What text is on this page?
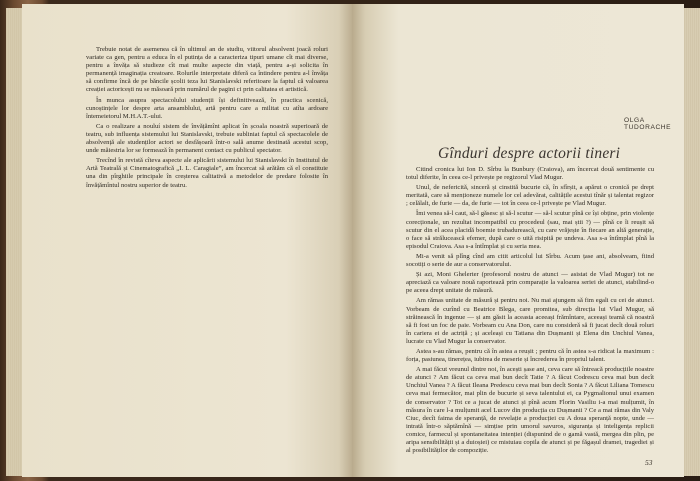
Trebuie notat de asemenea că în ultimul an de studiu, viitorul absolvent joacă roluri variate ca gen, pentru a educa în el putința de a caracteriza tipuri umane cît mai diverse, pentru a învăța să studieze cît mai multe aspecte din viață, pentru a-și solicita în permanență imaginația creatoare. Rolurile interpretate diferă ca întindere pentru a-l învăța să confirme încă de pe băncile școlii teza lui Stanislavski referitoare la faptul că valoarea creației actoricești nu se măsoară prin numărul de pagini ci prin calitatea ei artistică.

În munca asupra spectacolului studenții își definitivează, în practica scenică, cunoștințele lor despre arta ansamblului, artă pentru care a militat cu atîta ardoare întemeietorul M.H.A.T.-ului.

Ca o realizare a nouluí sistem de învățămînt aplicat în școala noastră superioară de teatru, sub influența sistemului lui Stanislavski, trebuie subliniat faptul că spectacolele de absolvență ale studenților actori se desfășoară într-o sală anume destinată acestui scop, unde măiestria lor se formează în permanent contact cu publicul spectator.

Trecînd în revistă cîteva aspecte ale aplicării sistemului lui Stanislavski în Institutul de Artă Teatrală și Cinematografică „I. L. Caragiale”, am încercat să arătăm că el constituie una din pîrghiile principale în creșterea calitativă a metodelor de predare folosite în învățămîntul nostru superior de teatru.

OLGA TUDORACHE
Gînduri despre actorii tineri

Citind cronica lui Ion D. Sîrbu la Bunbury (Craiova), am încercat două sentimente cu totul diferite, în ceea ce-l privește pe regizorul Vlad Mugur.

Unul, de nefericită, sinceră și cinstită bucurie că, în sfîrșit, a apărut o cronică pe drept meritată, care să menționeze numele lor cel adevărat, calitățile acestui tînăr și talentat regizor ; celălalt, de furie — da, de furie — tot în ceea ce-l privește pe Vlad Mugur.

Îmi venea să-l caut, să-l găsesc și să-l scutur — să-l scutur pînă ce își obține, prin violențe corecționale, un rezultat incompatibil cu procedeul (sau, mai știi ?) — pînă ce îi reușit să scutur din el acea placidă boemie trubadurească, cu care vrăjește în fiecare an altă generație, o face să strălucească efemer, după care o uită risipită pe undeva. Asa s-a întîmplat pînă la episodul Craiova. Asa s-a întîmplat și cu seria mea.

Mi-a venit să plîng cînd am citit articolul lui Sîrbu. Acum țase ani, absolveam, fiind socotiți o serie de aur a conservatorului.

Și azi, Moni Ghelerter (profesorul nostru de atunci — asistat de Vlad Mugur) tot ne apreciază ca valoare nouă raportează prin comparație la valoarea seriei de atunci, stabilind-o pe aceea drept unitate de măsură.

Am rămas unitate de măsură și pentru noi. Nu mai ajungem să fim egali cu cei de atunci. Vorbeam de curînd cu Beatrice Blega, care promitea, sub direcția lui Vlad Mugur, să străinească în ingenue — și am găsit la aceasta aceeași frămîntare, aceeași teamă că noastră să fi fost un foc de paie. Vorbeam cu Ana Don, care nu consideră să fi jucat decît două roluri în cariera ei de actriță ; și aceleași cu Tatiana din Dușmanii și Elena din Unchiul Vanea, lucrate cu Vlad Mugur la conservator.

Astea s-au rămas, pentru că în astea a reușit ; pentru că în astea s-a ridicat la maximum : forța, pasiunea, tinerețea, iubirea de meserie și încrederea în propriul talent.

A mai făcut vreunul dintre noi, în acești șase ani, ceva care să întreacă producțiile noastre de atunci ? Am făcut ca ceva mai bun decît Tatie ? A făcut Codrescu ceva mai bun decît Unchiul Vanea ? A făcut Ileana Predescu ceva mai bun decît Sonia ? A făcut Liliana Tomescu ceva mai fermecător, mai plin de bucurie și seva talentului ei, ca Pygmalionul unui examen de conservator ? Tot ce a jucat de atunci și pînă acum Florin Vasiliu i-a mai mulțumit, în măsura în care l-a mulțumit acel Lucov din producția cu Dușmanii ? Ce a mai rămas din Valy Ciuc, decît faima de speranță, de revelație a producției cu A doua speranță nopte, unde — intrată într-o săptămînă — simțise prin umorul savuros, siguranța și inteligența replicii comice, farmecul și spontaneitatea intenției (dispunind de o gamă vastă, mergea din plin, pe aripa sensibilității și a duioșiei) ce mistuiau copila de atunci și pe făgașul dramei, tragediei și al posibilităților de compoziție.

53
